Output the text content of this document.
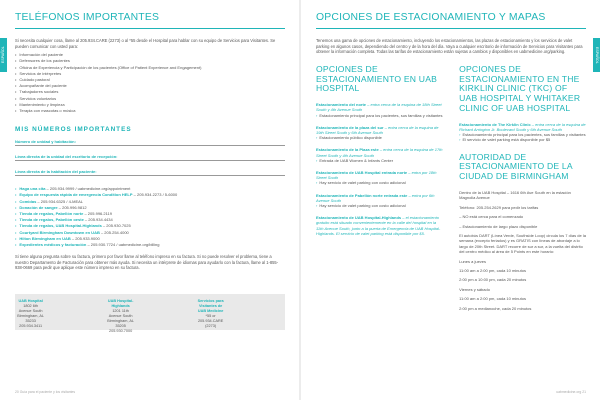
ESPAÑOL
TELÉFONOS IMPORTANTES

Si necesita cualquier cosa, llame al 205.934.CARE (2273) o al *55 desde el Hospital para hablar con su equipo de Servicios para Visitantes. Se pueden comunicar con usted para:

• Información del paciente
• Defensores de los pacientes
• Oficina de Experiencia y Participación de los pacientes (Office of Patient Experience and Engagement)
• Servicios de intérpretes
• Cuidado pastoral
• Acompañante del paciente
• Trabajadores sociales
• Servicios voluntarios
• Mantenimiento y limpieza
• Terapia con mascotas o música
MIS NÚMEROS IMPORTANTES
Número de unidad y habitación:
Línea directa de la unidad del escritorio de recepción:
Línea directa de la habitación del paciente:
• Haga una cita – 205.934.9999 / uabmedicine.org/appointment
• Equipo de respuesta rápida de emergencia Condition HELP – 205.934.2273 / 5-6000
• Comidas – 205.934.6325 / 4-MEAL
• Donación de sangre – 205.996.9812
• Tienda de regalos, Pabellón norte – 205.996.2119
• Tienda de regalos, Pabellón oeste – 205.934.4434
• Tienda de regalos, UAB Hospital-Highlands – 205.930.7025
• Courtyard Birmingham Downtown en UAB – 205.254.4000
• Hilton Birmingham en UAB – 205.933.9000
• Expedientes médicos y facturación – 205.930.7724 / uabmedicine.org/billing

Si tiene alguna pregunta sobre su factura, primero por favor llame al teléfono impreso en su factura. Si no puede resolver el problema, tiene a nuestro Departamento de Facturación para obtener más ayuda. Si necesita un intérprete de idiomas para ayudarlo con la factura, llame al 1-855-938-0669 para pedir que aplique este número impreso en su factura.

UAB Hospital
1802 6th Avenue South
Birmingham, AL 35233
205.934.3411
UAB Hospital-Highlands
1201 11th Avenue South
Birmingham, AL 35205
205.930.7000
Servicios para Visitantes de UAB Medicine
*55 or 205.934.CARE (2273)
20 Guía para el paciente y los visitantes
ESPAÑOL
OPCIONES DE ESTACIONAMIENTO Y MAPAS

Tenemos una gama de opciones de estacionamiento, incluyendo los estacionamientos, las plazas de estacionamiento y los servicios de valet parking en algunos casos, dependiendo del centro y de la hora del día. Vaya a cualquier escritorio de información de Servicios para Visitantes para obtener la información completa. Todas las tarifas de estacionamiento están sujetas a cambios y disponibles en uabmedicine.org/parking.

OPCIONES DE ESTACIONAMIENTO EN UAB HOSPITAL
Estacionamiento del norte – entra cerca de la esquina de 18th Street South y 4th Avenue South
› Estacionamiento principal para los pacientes, sus familias y visitantes
Estacionamiento de la plaza del sur – entra cerca de la esquina de 19th Street South y 6th Avenue South
› Estacionamiento público disponible
Estacionamiento de la Plaza este – entra cerca de la esquina de 17th Street South y 4th Avenue South
› Entrada de UAB Women & Infants Center
Estacionamiento de UAB Hospital entrada norte – entra por 18th Street South
› Hay servicio de valet parking con costo adicional
Estacionamiento de Pabellón norte entrada este – entra por 6th Avenue South
› Hay servicio de valet parking con costo adicional
Estacionamiento de UAB Hospital-Highlands – el estacionamiento gratuito está situado convenientemente en la calle del hospital en la 11th Avenue South, junto a la puerta de Emergencia de UAB Hospital-Highlands. El servicio de valet parking está disponible por $5.
OPCIONES DE ESTACIONAMIENTO EN THE KIRKLIN CLINIC (TKC) OF UAB HOSPITAL Y WHITAKER CLINIC OF UAB HOSPITAL
Estacionamiento de The Kirklin Clinic – entra cerca de la esquina de Richard Arrington Jr. Boulevard South y 6th Avenue South
› Estacionamiento principal para los pacientes, sus familias y visitantes
› El servicio de valet parking está disponible por $5
AUTORIDAD DE ESTACIONAMIENTO DE LA CIUDAD DE BIRMINGHAM

Dentro de la UAB Hospital – 1616 6th Ave South en la estación Magnolia Avenue

Teléfono: 205.254.2629 para pedir los tarifas

– NO está cerca para el comenzado

– Estacionamiento de largo plazo disponible

El autobús DART (Línea Verde, Southside Loop) circula los 7 días de la semana (excepto feriados) y es GRATIS con líneas de abordaje a lo largo de 20th Street. DART recorre de sur a sur, a la vuelta del distrito del centro médico al área de 5 Points en este horario:

Lunes a jueves

11:00 am a 2:00 pm, cada 10 minutos

2:00 pm a 10:00 pm, cada 20 minutos

Viernes y sábado

11:00 am a 2:00 pm, cada 10 minutos

2:00 pm a medianoche, cada 20 minutos

uabmedicine.org 21
